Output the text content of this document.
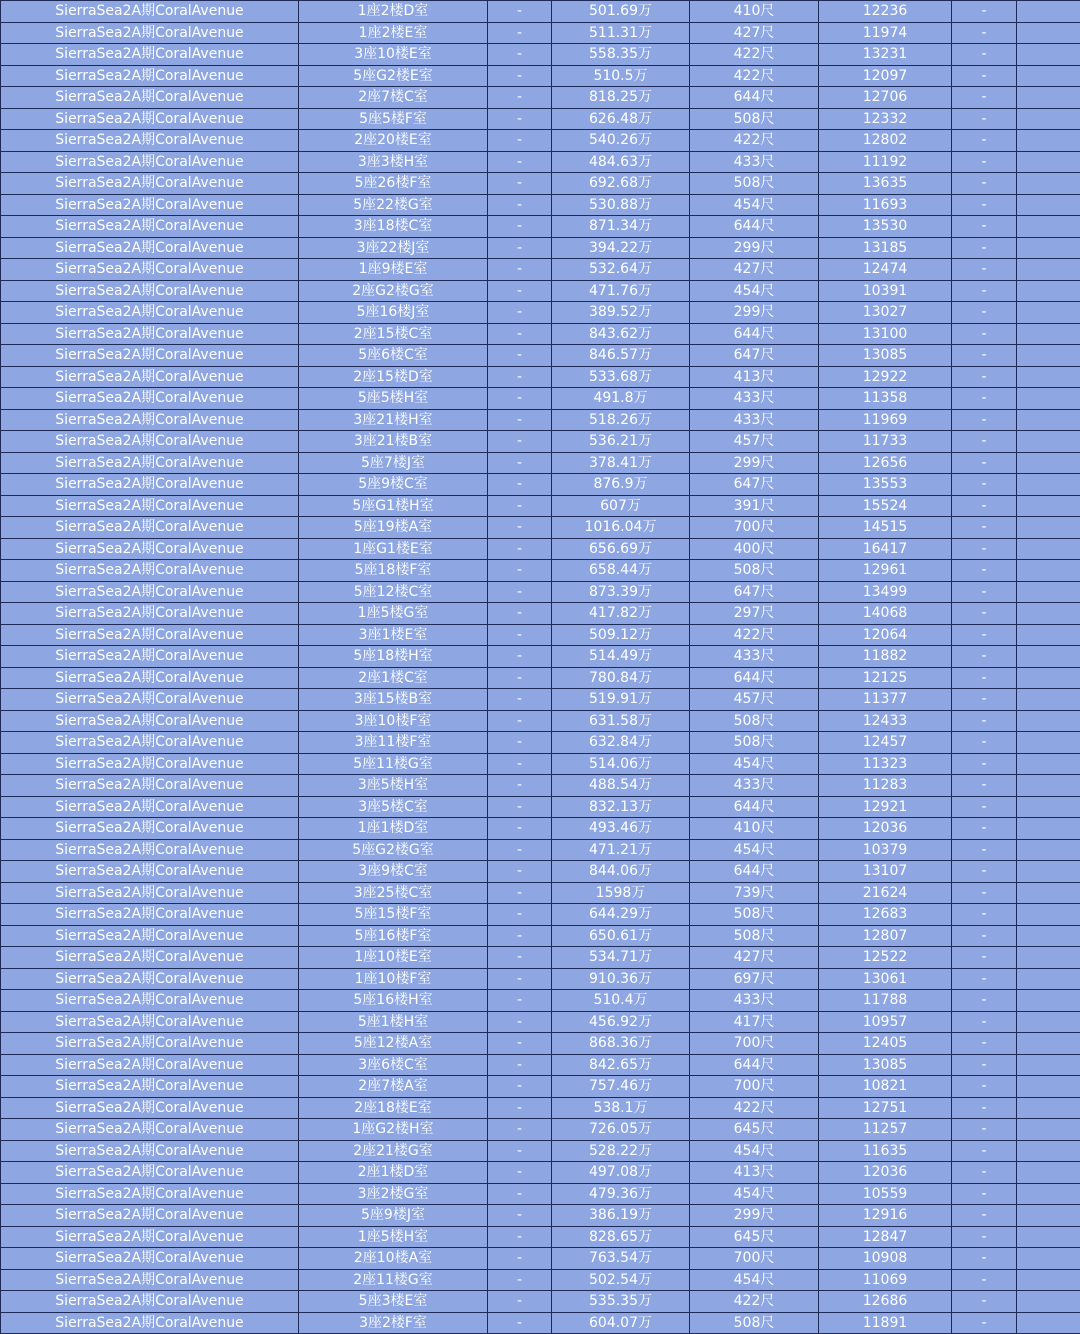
SierraSea2A期CoralAvenue	1座2楼D室	-	501.69万	410尺	12236	-	
SierraSea2A期CoralAvenue	1座2楼E室	-	511.31万	427尺	11974	-	
SierraSea2A期CoralAvenue	3座10楼E室	-	558.35万	422尺	13231	-	
SierraSea2A期CoralAvenue	5座G2楼E室	-	510.5万	422尺	12097	-	
SierraSea2A期CoralAvenue	2座7楼C室	-	818.25万	644尺	12706	-	
SierraSea2A期CoralAvenue	5座5楼F室	-	626.48万	508尺	12332	-	
SierraSea2A期CoralAvenue	2座20楼E室	-	540.26万	422尺	12802	-	
SierraSea2A期CoralAvenue	3座3楼H室	-	484.63万	433尺	11192	-	
SierraSea2A期CoralAvenue	5座26楼F室	-	692.68万	508尺	13635	-	
SierraSea2A期CoralAvenue	5座22楼G室	-	530.88万	454尺	11693	-	
SierraSea2A期CoralAvenue	3座18楼C室	-	871.34万	644尺	13530	-	
SierraSea2A期CoralAvenue	3座22楼J室	-	394.22万	299尺	13185	-	
SierraSea2A期CoralAvenue	1座9楼E室	-	532.64万	427尺	12474	-	
SierraSea2A期CoralAvenue	2座G2楼G室	-	471.76万	454尺	10391	-	
SierraSea2A期CoralAvenue	5座16楼J室	-	389.52万	299尺	13027	-	
SierraSea2A期CoralAvenue	2座15楼C室	-	843.62万	644尺	13100	-	
SierraSea2A期CoralAvenue	5座6楼C室	-	846.57万	647尺	13085	-	
SierraSea2A期CoralAvenue	2座15楼D室	-	533.68万	413尺	12922	-	
SierraSea2A期CoralAvenue	5座5楼H室	-	491.8万	433尺	11358	-	
SierraSea2A期CoralAvenue	3座21楼H室	-	518.26万	433尺	11969	-	
SierraSea2A期CoralAvenue	3座21楼B室	-	536.21万	457尺	11733	-	
SierraSea2A期CoralAvenue	5座7楼J室	-	378.41万	299尺	12656	-	
SierraSea2A期CoralAvenue	5座9楼C室	-	876.9万	647尺	13553	-	
SierraSea2A期CoralAvenue	5座G1楼H室	-	607万	391尺	15524	-	
SierraSea2A期CoralAvenue	5座19楼A室	-	1016.04万	700尺	14515	-	
SierraSea2A期CoralAvenue	1座G1楼E室	-	656.69万	400尺	16417	-	
SierraSea2A期CoralAvenue	5座18楼F室	-	658.44万	508尺	12961	-	
SierraSea2A期CoralAvenue	5座12楼C室	-	873.39万	647尺	13499	-	
SierraSea2A期CoralAvenue	1座5楼G室	-	417.82万	297尺	14068	-	
SierraSea2A期CoralAvenue	3座1楼E室	-	509.12万	422尺	12064	-	
SierraSea2A期CoralAvenue	5座18楼H室	-	514.49万	433尺	11882	-	
SierraSea2A期CoralAvenue	2座1楼C室	-	780.84万	644尺	12125	-	
SierraSea2A期CoralAvenue	3座15楼B室	-	519.91万	457尺	11377	-	
SierraSea2A期CoralAvenue	3座10楼F室	-	631.58万	508尺	12433	-	
SierraSea2A期CoralAvenue	3座11楼F室	-	632.84万	508尺	12457	-	
SierraSea2A期CoralAvenue	5座11楼G室	-	514.06万	454尺	11323	-	
SierraSea2A期CoralAvenue	3座5楼H室	-	488.54万	433尺	11283	-	
SierraSea2A期CoralAvenue	3座5楼C室	-	832.13万	644尺	12921	-	
SierraSea2A期CoralAvenue	1座1楼D室	-	493.46万	410尺	12036	-	
SierraSea2A期CoralAvenue	5座G2楼G室	-	471.21万	454尺	10379	-	
SierraSea2A期CoralAvenue	3座9楼C室	-	844.06万	644尺	13107	-	
SierraSea2A期CoralAvenue	3座25楼C室	-	1598万	739尺	21624	-	
SierraSea2A期CoralAvenue	5座15楼F室	-	644.29万	508尺	12683	-	
SierraSea2A期CoralAvenue	5座16楼F室	-	650.61万	508尺	12807	-	
SierraSea2A期CoralAvenue	1座10楼E室	-	534.71万	427尺	12522	-	
SierraSea2A期CoralAvenue	1座10楼F室	-	910.36万	697尺	13061	-	
SierraSea2A期CoralAvenue	5座16楼H室	-	510.4万	433尺	11788	-	
SierraSea2A期CoralAvenue	5座1楼H室	-	456.92万	417尺	10957	-	
SierraSea2A期CoralAvenue	5座12楼A室	-	868.36万	700尺	12405	-	
SierraSea2A期CoralAvenue	3座6楼C室	-	842.65万	644尺	13085	-	
SierraSea2A期CoralAvenue	2座7楼A室	-	757.46万	700尺	10821	-	
SierraSea2A期CoralAvenue	2座18楼E室	-	538.1万	422尺	12751	-	
SierraSea2A期CoralAvenue	1座G2楼H室	-	726.05万	645尺	11257	-	
SierraSea2A期CoralAvenue	2座21楼G室	-	528.22万	454尺	11635	-	
SierraSea2A期CoralAvenue	2座1楼D室	-	497.08万	413尺	12036	-	
SierraSea2A期CoralAvenue	3座2楼G室	-	479.36万	454尺	10559	-	
SierraSea2A期CoralAvenue	5座9楼J室	-	386.19万	299尺	12916	-	
SierraSea2A期CoralAvenue	1座5楼H室	-	828.65万	645尺	12847	-	
SierraSea2A期CoralAvenue	2座10楼A室	-	763.54万	700尺	10908	-	
SierraSea2A期CoralAvenue	2座11楼G室	-	502.54万	454尺	11069	-	
SierraSea2A期CoralAvenue	5座3楼E室	-	535.35万	422尺	12686	-	
SierraSea2A期CoralAvenue	3座2楼F室	-	604.07万	508尺	11891	-	
